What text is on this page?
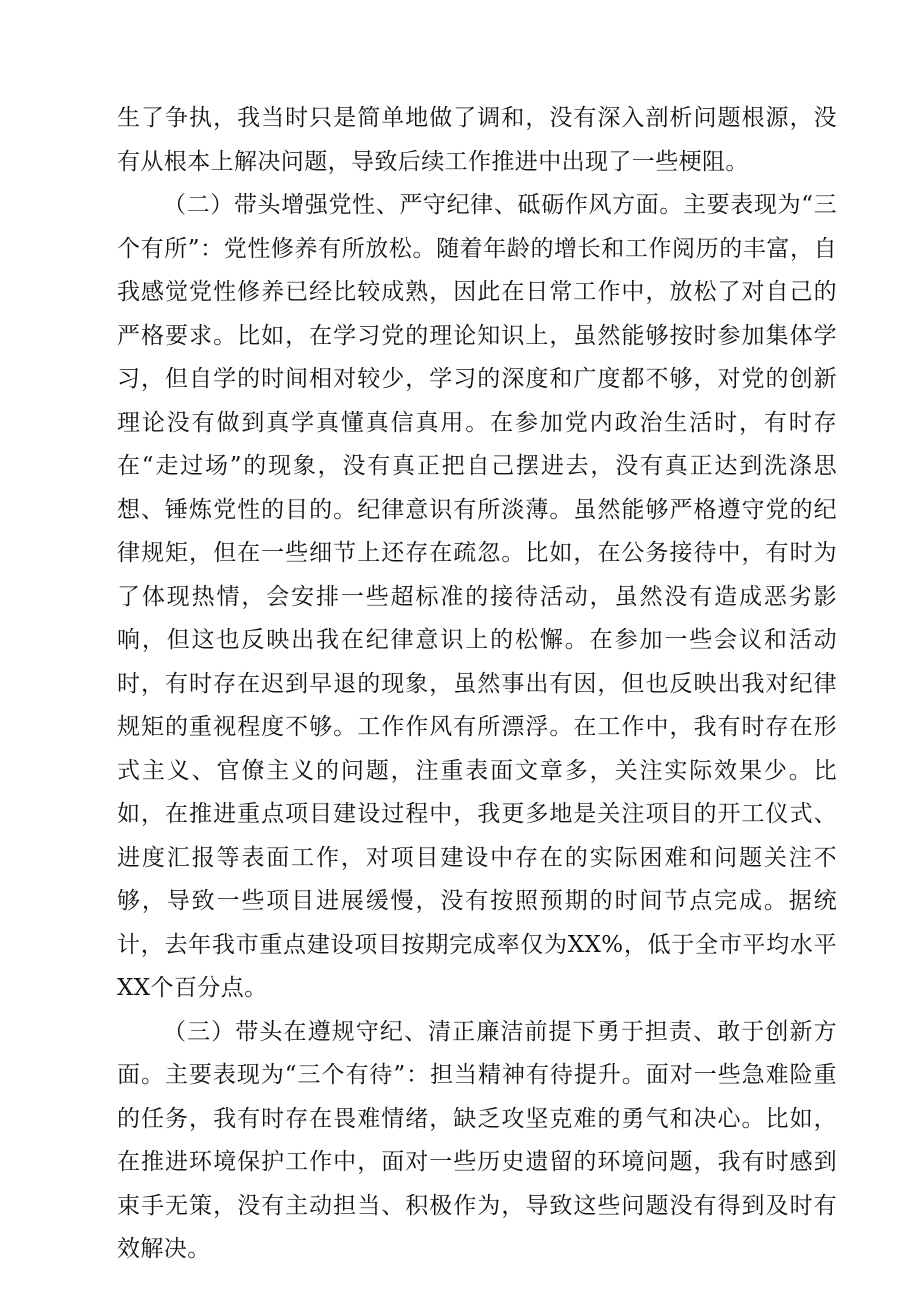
生了争执，我当时只是简单地做了调和，没有深入剖析问题根源，没有从根本上解决问题，导致后续工作推进中出现了一些梗阻。

（二）带头增强党性、严守纪律、砥砺作风方面。主要表现为“三个有所”：党性修养有所放松。随着年龄的增长和工作阅历的丰富，自我感觉党性修养已经比较成熟，因此在日常工作中，放松了对自己的严格要求。比如，在学习党的理论知识上，虽然能够按时参加集体学习，但自学的时间相对较少，学习的深度和广度都不够，对党的创新理论没有做到真学真懂真信真用。在参加党内政治生活时，有时存在“走过场”的现象，没有真正把自己摆进去，没有真正达到洗涤思想、锤炼党性的目的。纪律意识有所淡薄。虽然能够严格遵守党的纪律规矩，但在一些细节上还存在疏忽。比如，在公务接待中，有时为了体现热情，会安排一些超标准的接待活动，虽然没有造成恶劣影响，但这也反映出我在纪律意识上的松懈。在参加一些会议和活动时，有时存在迟到早退的现象，虽然事出有因，但也反映出我对纪律规矩的重视程度不够。工作作风有所漂浮。在工作中，我有时存在形式主义、官僚主义的问题，注重表面文章多，关注实际效果少。比如，在推进重点项目建设过程中，我更多地是关注项目的开工仪式、进度汇报等表面工作，对项目建设中存在的实际困难和问题关注不够，导致一些项目进展缓慢，没有按照预期的时间节点完成。据统计，去年我市重点建设项目按期完成率仅为XX%，低于全市平均水平XX个百分点。

（三）带头在遵规守纪、清正廉洁前提下勇于担责、敢于创新方面。主要表现为“三个有待”：担当精神有待提升。面对一些急难险重的任务，我有时存在畏难情绪，缺乏攻坚克难的勇气和决心。比如，在推进环境保护工作中，面对一些历史遗留的环境问题，我有时感到束手无策，没有主动担当、积极作为，导致这些问题没有得到及时有效解决。
